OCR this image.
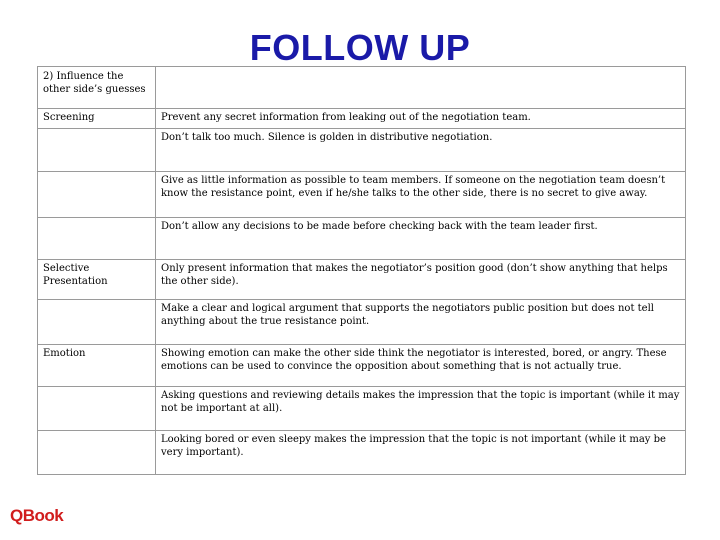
FOLLOW UP
2) Influence the other side’s guesses	
Screening	Prevent any secret information from leaking out of the negotiation team.
	Don’t talk too much. Silence is golden in distributive negotiation.
	Give as little information as possible to team members. If someone on the negotiation team doesn’t know the resistance point, even if he/she talks to the other side, there is no secret to give away.
	Don’t allow any decisions to be made before checking back with the team leader first.
Selective Presentation	Only present information that makes the negotiator’s position good (don’t show anything that helps the other side).
	Make a clear and logical argument that supports the negotiators public position but does not tell anything about the true resistance point.
Emotion	Showing emotion can make the other side think the negotiator is interested, bored, or angry. These emotions can be used to convince the opposition about something that is not actually true.
	Asking questions and reviewing details makes the impression that the topic is important (while it may not be important at all).
	Looking bored or even sleepy makes the impression that the topic is not important (while it may be very important).
QBook
